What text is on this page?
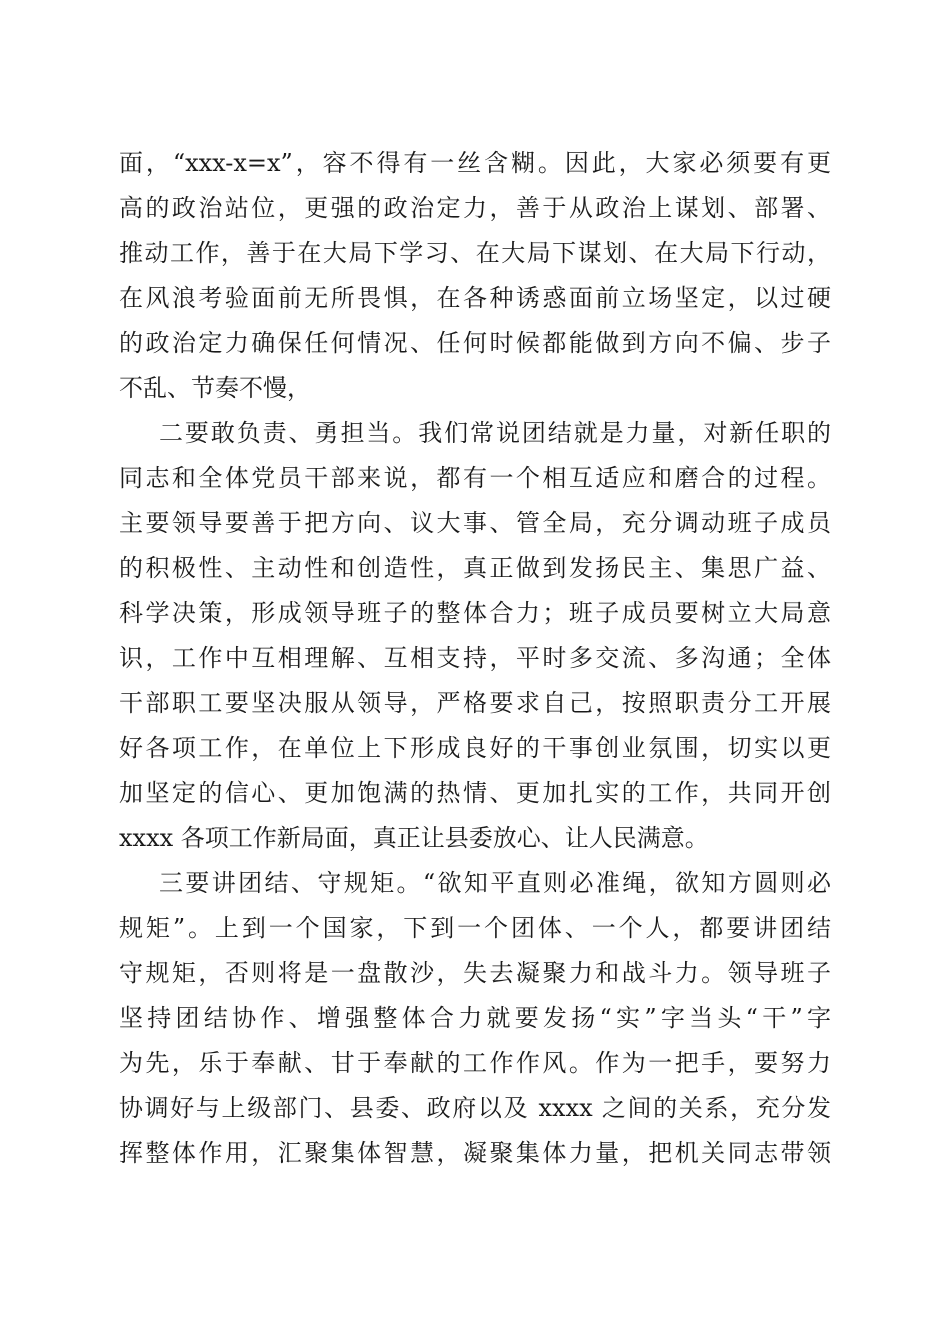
面，“xxx-x=x”，容不得有一丝含糊。因此，大家必须要有更
高的政治站位，更强的政治定力，善于从政治上谋划、部署、
推动工作，善于在大局下学习、在大局下谋划、在大局下行动，
在风浪考验面前无所畏惧，在各种诱惑面前立场坚定，以过硬
的政治定力确保任何情况、任何时候都能做到方向不偏、步子
不乱、节奏不慢，
二要敢负责、勇担当。我们常说团结就是力量，对新任职的
同志和全体党员干部来说，都有一个相互适应和磨合的过程。
主要领导要善于把方向、议大事、管全局，充分调动班子成员
的积极性、主动性和创造性，真正做到发扬民主、集思广益、
科学决策，形成领导班子的整体合力；班子成员要树立大局意
识，工作中互相理解、互相支持，平时多交流、多沟通；全体
干部职工要坚决服从领导，严格要求自己，按照职责分工开展
好各项工作，在单位上下形成良好的干事创业氛围，切实以更
加坚定的信心、更加饱满的热情、更加扎实的工作，共同开创
xxxx 各项工作新局面，真正让县委放心、让人民满意。
三要讲团结、守规矩。“欲知平直则必准绳，欲知方圆则必
规矩”。上到一个国家，下到一个团体、一个人，都要讲团结
守规矩，否则将是一盘散沙，失去凝聚力和战斗力。领导班子
坚持团结协作、增强整体合力就要发扬“实”字当头“干”字
为先，乐于奉献、甘于奉献的工作作风。作为一把手，要努力
协调好与上级部门、县委、政府以及 xxxx 之间的关系，充分发
挥整体作用，汇聚集体智慧，凝聚集体力量，把机关同志带领
